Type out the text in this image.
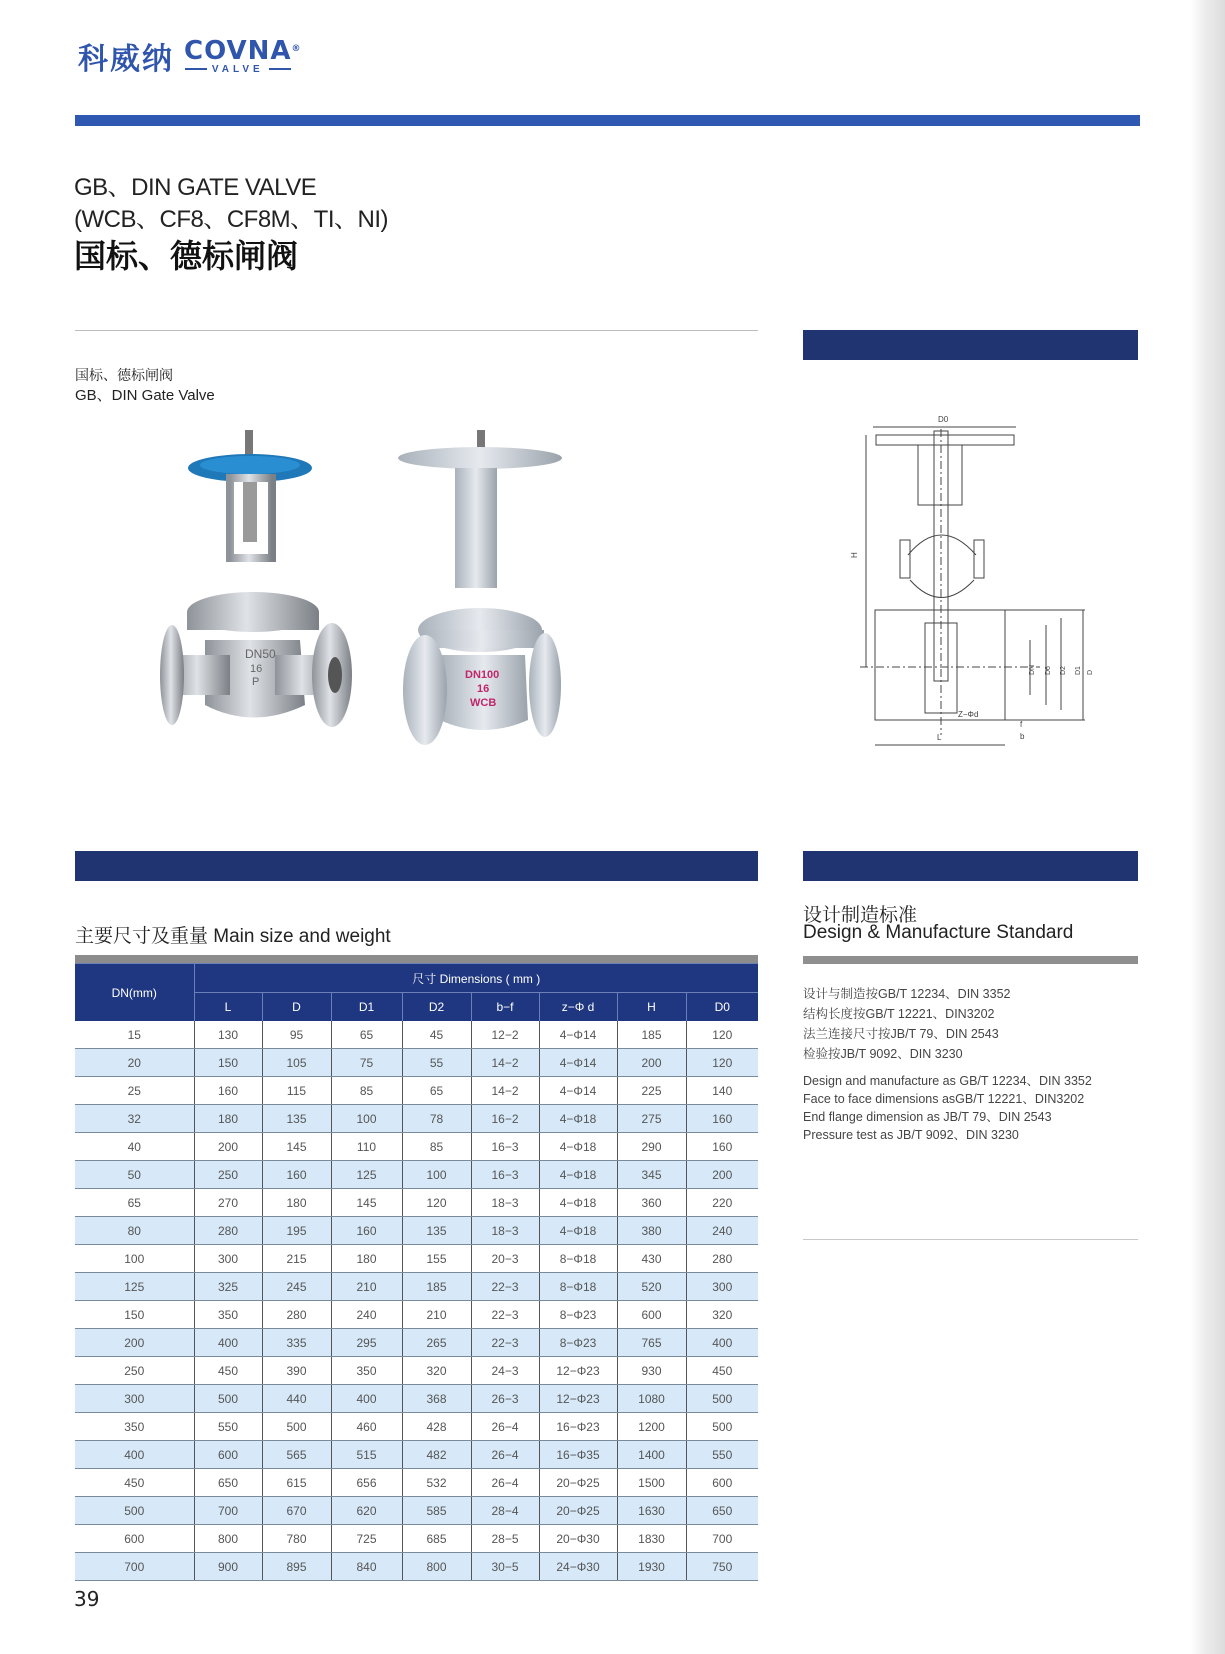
科威纳 COVNA ®
VALVE
GB、DIN GATE VALVE
(WCB、CF8、CF8M、TI、NI)
国标、德标闸阀
国标、德标闸阀
GB、DIN Gate Valve
DN50
16
P
DN100
16
WCB
D0
H
DN D6 D2 D1 D
Z−Φd
f
b
L
主要尺寸及重量 Main size and weight
DN(mm)	尺寸 Dimensions ( mm )							
	L	D	D1	D2	b−f	z−Φ d	H	D0
15	130	95	65	45	12−2	4−Φ14	185	120
20	150	105	75	55	14−2	4−Φ14	200	120
25	160	115	85	65	14−2	4−Φ14	225	140
32	180	135	100	78	16−2	4−Φ18	275	160
40	200	145	110	85	16−3	4−Φ18	290	160
50	250	160	125	100	16−3	4−Φ18	345	200
65	270	180	145	120	18−3	4−Φ18	360	220
80	280	195	160	135	18−3	4−Φ18	380	240
100	300	215	180	155	20−3	8−Φ18	430	280
125	325	245	210	185	22−3	8−Φ18	520	300
150	350	280	240	210	22−3	8−Φ23	600	320
200	400	335	295	265	22−3	8−Φ23	765	400
250	450	390	350	320	24−3	12−Φ23	930	450
300	500	440	400	368	26−3	12−Φ23	1080	500
350	550	500	460	428	26−4	16−Φ23	1200	500
400	600	565	515	482	26−4	16−Φ35	1400	550
450	650	615	656	532	26−4	20−Φ25	1500	600
500	700	670	620	585	28−4	20−Φ25	1630	650
600	800	780	725	685	28−5	20−Φ30	1830	700
700	900	895	840	800	30−5	24−Φ30	1930	750
设计制造标准
Design & Manufacture Standard
设计与制造按GB/T 12234、DIN 3352
结构长度按GB/T 12221、DIN3202
法兰连接尺寸按JB/T 79、DIN 2543
检验按JB/T 9092、DIN 3230
Design and manufacture as GB/T 12234、DIN 3352
Face to face dimensions asGB/T 12221、DIN3202
End flange dimension as JB/T 79、DIN 2543
Pressure test as JB/T 9092、DIN 3230
39
